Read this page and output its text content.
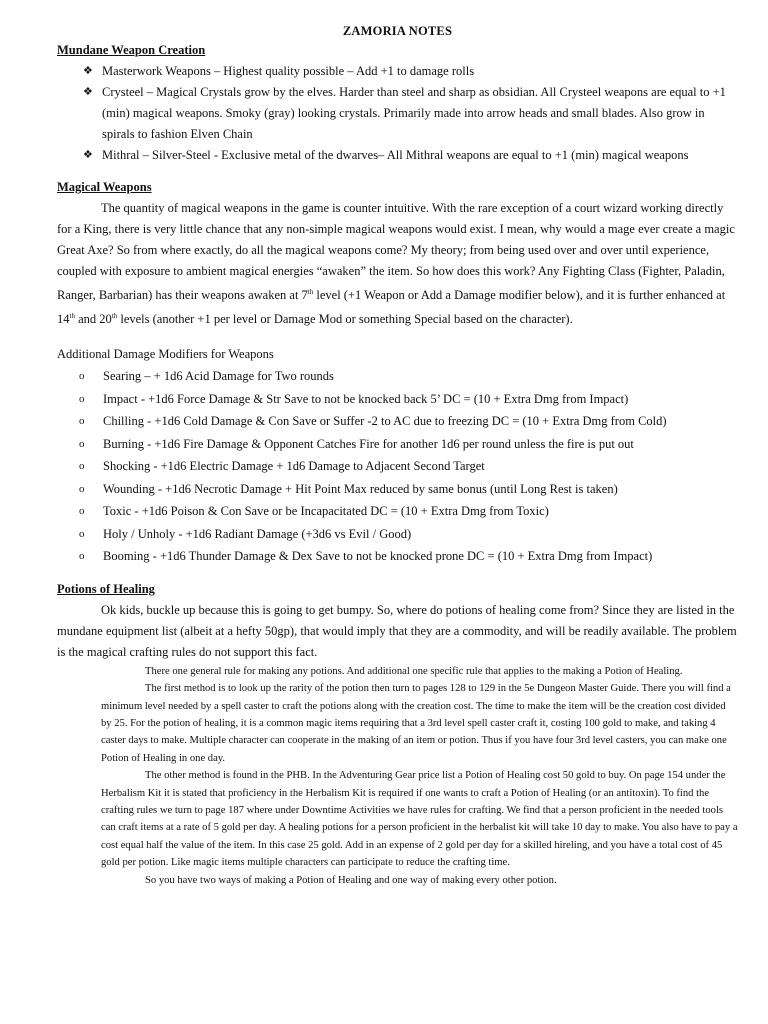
ZAMORIA NOTES
Mundane Weapon Creation
❖ Masterwork Weapons – Highest quality possible – Add +1 to damage rolls
❖ Crysteel – Magical Crystals grow by the elves. Harder than steel and sharp as obsidian. All Crysteel weapons are equal to +1 (min) magical weapons. Smoky (gray) looking crystals. Primarily made into arrow heads and small blades. Also grow in spirals to fashion Elven Chain
❖ Mithral – Silver-Steel - Exclusive metal of the dwarves– All Mithral weapons are equal to +1 (min) magical weapons
Magical Weapons

The quantity of magical weapons in the game is counter intuitive. With the rare exception of a court wizard working directly for a King, there is very little chance that any non-simple magical weapons would exist. I mean, why would a mage ever create a magic Great Axe? So from where exactly, do all the magical weapons come? My theory; from being used over and over until experience, coupled with exposure to ambient magical energies “awaken” the item. So how does this work? Any Fighting Class (Fighter, Paladin, Ranger, Barbarian) has their weapons awaken at 7th level (+1 Weapon or Add a Damage modifier below), and it is further enhanced at 14th and 20th levels (another +1 per level or Damage Mod or something Special based on the character).

Additional Damage Modifiers for Weapons
o Searing – + 1d6 Acid Damage for Two rounds
o Impact - +1d6 Force Damage & Str Save to not be knocked back 5’ DC = (10 + Extra Dmg from Impact)
o Chilling - +1d6 Cold Damage & Con Save or Suffer -2 to AC due to freezing DC = (10 + Extra Dmg from Cold)
o Burning - +1d6 Fire Damage & Opponent Catches Fire for another 1d6 per round unless the fire is put out
o Shocking - +1d6 Electric Damage + 1d6 Damage to Adjacent Second Target
o Wounding - +1d6 Necrotic Damage + Hit Point Max reduced by same bonus (until Long Rest is taken)
o Toxic - +1d6 Poison & Con Save or be Incapacitated DC = (10 + Extra Dmg from Toxic)
o Holy / Unholy - +1d6 Radiant Damage (+3d6 vs Evil / Good)
o Booming - +1d6 Thunder Damage & Dex Save to not be knocked prone DC = (10 + Extra Dmg from Impact)
Potions of Healing

Ok kids, buckle up because this is going to get bumpy. So, where do potions of healing come from? Since they are listed in the mundane equipment list (albeit at a hefty 50gp), that would imply that they are a commodity, and will be readily available. The problem is the magical crafting rules do not support this fact.

There one general rule for making any potions. And additional one specific rule that applies to the making a Potion of Healing.

The first method is to look up the rarity of the potion then turn to pages 128 to 129 in the 5e Dungeon Master Guide. There you will find a minimum level needed by a spell caster to craft the potions along with the creation cost. The time to make the item will be the creation cost divided by 25. For the potion of healing, it is a common magic items requiring that a 3rd level spell caster craft it, costing 100 gold to make, and taking 4 caster days to make. Multiple character can cooperate in the making of an item or potion. Thus if you have four 3rd level casters, you can make one Potion of Healing in one day.

The other method is found in the PHB. In the Adventuring Gear price list a Potion of Healing cost 50 gold to buy. On page 154 under the Herbalism Kit it is stated that proficiency in the Herbalism Kit is required if one wants to craft a Potion of Healing (or an antitoxin). To find the crafting rules we turn to page 187 where under Downtime Activities we have rules for crafting. We find that a person proficient in the needed tools can craft items at a rate of 5 gold per day. A healing potions for a person proficient in the herbalist kit will take 10 day to make. You also have to pay a cost equal half the value of the item. In this case 25 gold. Add in an expense of 2 gold per day for a skilled hireling, and you have a total cost of 45 gold per potion. Like magic items multiple characters can participate to reduce the crafting time.

So you have two ways of making a Potion of Healing and one way of making every other potion.
